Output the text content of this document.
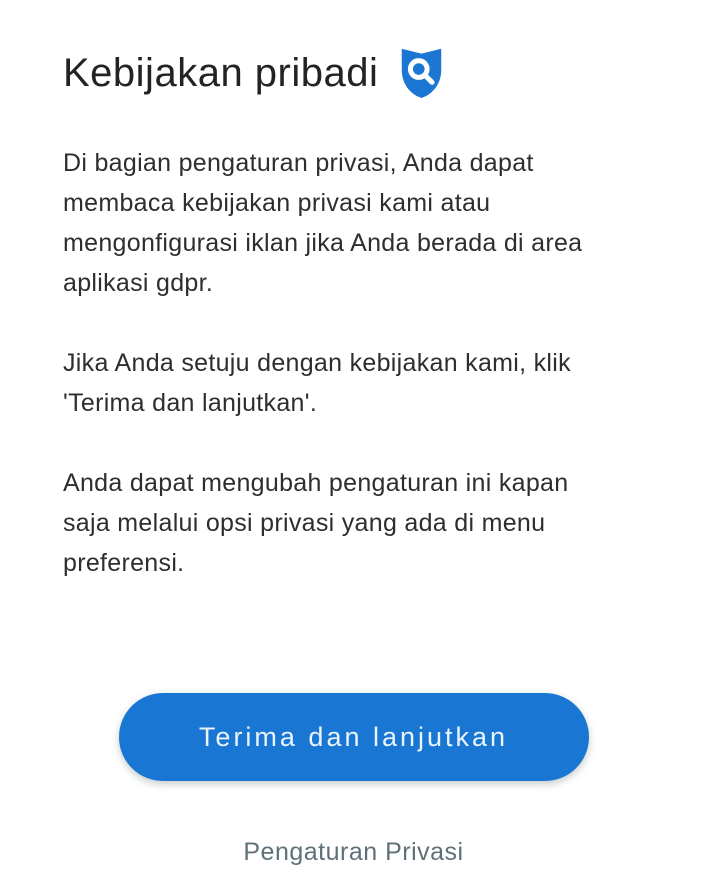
Kebijakan pribadi

Di bagian pengaturan privasi, Anda dapat
membaca kebijakan privasi kami atau
mengonfigurasi iklan jika Anda berada di area
aplikasi gdpr.

Jika Anda setuju dengan kebijakan kami, klik
'Terima dan lanjutkan'.

Anda dapat mengubah pengaturan ini kapan
saja melalui opsi privasi yang ada di menu
preferensi.

Terima dan lanjutkan
Pengaturan Privasi
